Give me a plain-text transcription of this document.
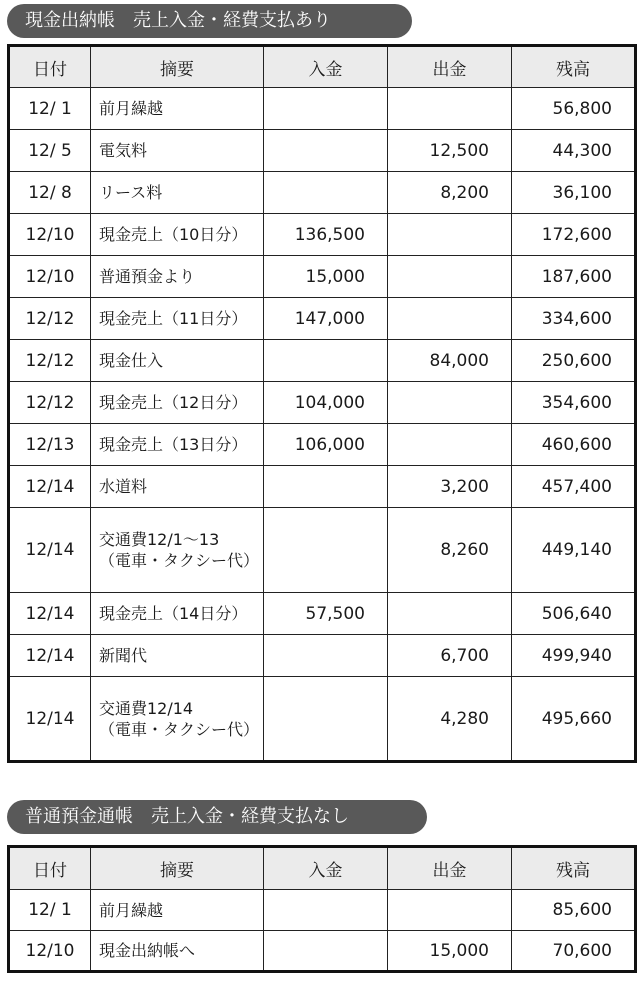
現金出納帳　売上入金・経費支払あり
日付	摘要	入金	出金	残高
12/ 1	前月繰越			56,800
12/ 5	電気料		12,500	44,300
12/ 8	リース料		8,200	36,100
12/10	現金売上（10日分）	136,500		172,600
12/10	普通預金より	15,000		187,600
12/12	現金売上（11日分）	147,000		334,600
12/12	現金仕入		84,000	250,600
12/12	現金売上（12日分）	104,000		354,600
12/13	現金売上（13日分）	106,000		460,600
12/14	水道料		3,200	457,400
12/14	交通費12/1～13
（電車・タクシー代）		8,260	449,140
12/14	現金売上（14日分）	57,500		506,640
12/14	新聞代		6,700	499,940
12/14	交通費12/14
（電車・タクシー代）		4,280	495,660
普通預金通帳　売上入金・経費支払なし
日付	摘要	入金	出金	残高
12/ 1	前月繰越			85,600
12/10	現金出納帳へ		15,000	70,600
